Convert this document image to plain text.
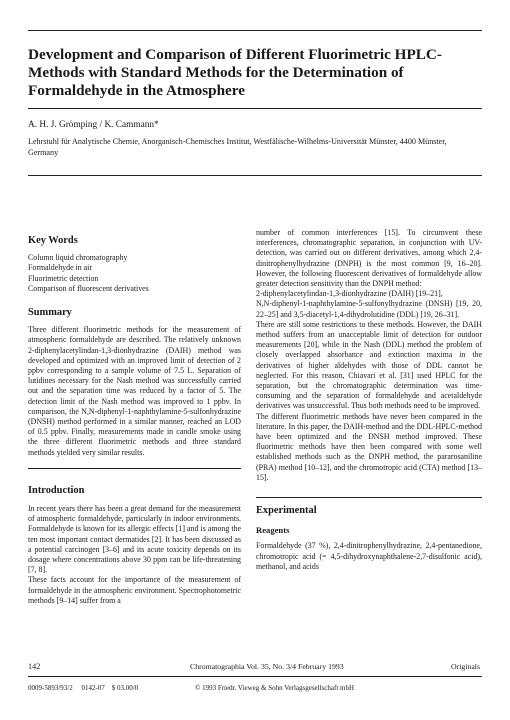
Development and Comparison of Different Fluorimetric HPLC-Methods with Standard Methods for the Determination of Formaldehyde in the Atmosphere

A. H. J. Grömping / K. Cammann*

Lehrstuhl für Analytische Chemie, Anorganisch-Chemisches Institut, Westfälische-Wilhelms-Universität Münster, 4400 Münster, Germany

Key Words
Column liquid chromatography
Formaldehyde in air
Fluorimetric detection
Comparison of fluorescent derivatives
Summary

Three different fluorimetric methods for the measurement of atmospheric formaldehyde are described. The relatively unknown 2-diphenylacetylindan-1,3-dionhydrazine (DAIH) method was developed and optimized with an improved limit of detection of 2 ppbv corresponding to a sample volume of 7.5 L. Separation of lutidines necessary for the Nash method was successfully carried out and the separation time was reduced by a factor of 5. The detection limit of the Nash method was improved to 1 ppbv. In comparison, the N,N-diphenyl-1-naphthylamine-5-sulfonhydrazine (DNSH) method performed in a similar manner, reached an LOD of 0.5 ppbv. Finally, measurements made in candle smoke using the three different fluorimetric methods and three standard methods yielded very similar results.

Introduction

In recent years there has been a great demand for the measurement of atmospheric formaldehyde, particularly in indoor environments. Formaldehyde is known for its allergic effects [1] and is among the ten most important contact dermatides [2]. It has been discussed as a potential carcinogen [3–6] and its acute toxicity depends on its dosage where concentrations above 30 ppm can be life-threatening [7, 8].

These facts account for the importance of the measurement of formaldehyde in the atmospheric environment. Spectrophotometric methods [9–14] suffer from a

number of common interferences [15]. To circumvent these interferences, chromatographic separation, in conjunction with UV-detection, was carried out on different derivatives, among which 2,4-dinitrophenylhydrazine (DNPH) is the most common [9, 16–20]. However, the following fluorescent derivatives of formaldehyde allow greater detection sensitivity than the DNPH method:

2-diphenylacetylindan-1,3-dionhydrazine (DAIH) [19–21],

N,N-diphenyl-1-naphthylamine-5-sulfonylhydrazine (DNSH) [19, 20, 22–25] and 3,5-diacetyl-1,4-dihydrolutidine (DDL) [19, 26–31].

There are still some restrictions to these methods. However, the DAIH method suffers from an unacceptable limit of detection for outdoor measurements [20], while in the Nash (DDL) method the problem of closely overlapped absorbance and extinction maxima in the derivatives of higher aldehydes with those of DDL cannot be neglected. For this reason, Chiavari et al. [31] used HPLC for the separation, but the chromatographic determination was time-consuming and the separation of formaldehyde and acetaldehyde derivatives was unsuccessful. Thus both methods need to be improved.

The different fluorimetric methods have never been compared in the literature. In this paper, the DAIH-method and the DDL-HPLC-method have been optimized and the DNSH method improved. These fluorimetric methods have then been compared with some well established methods such as the DNPH method, the pararosaniline (PRA) method [10–12], and the chromotropic acid (CTA) method [13–15].

Experimental
Reagents

Formaldehyde (37 %), 2,4-dinitrophenylhydrazine, 2,4-pentanedione, chromotropic acid (= 4,5-dihydroxynaphthalene-2,7-disulfonic acid), methanol, and acids

142	Chromatographia Vol. 35, No. 3/4 February 1993	Originals
0009-5893/93/2     0142-07    $ 03.00/0	© 1993 Friedr. Vieweg & Sohn Verlagsgesellschaft mbH
